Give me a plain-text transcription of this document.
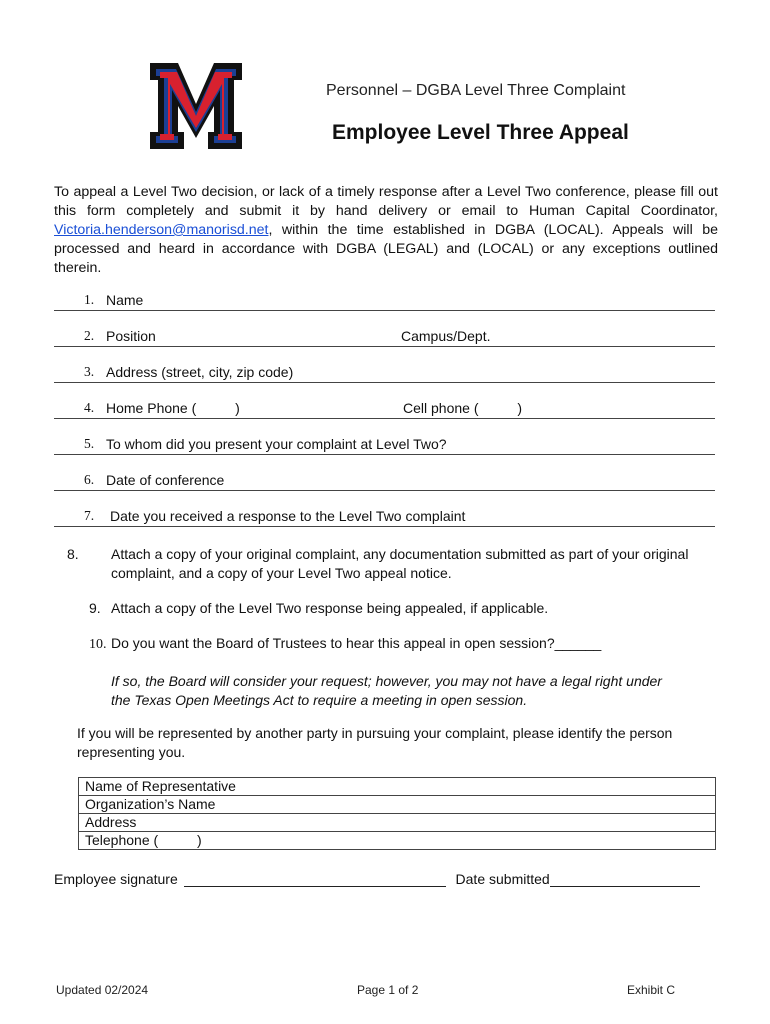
Personnel – DGBA Level Three Complaint
Employee Level Three Appeal
To appeal a Level Two decision, or lack of a timely response after a Level Two conference, please fill out this form completely and submit it by hand delivery or email to Human Capital Coordinator, Victoria.henderson@manorisd.net, within the time established in DGBA (LOCAL). Appeals will be processed and heard in accordance with DGBA (LEGAL) and (LOCAL) or any exceptions outlined therein.
1. Name
2. Position	Campus/Dept.
3. Address (street, city, zip code)
4. Home Phone (          )	Cell phone (          )
5. To whom did you present your complaint at Level Two?
6. Date of conference
7. Date you received a response to the Level Two complaint
8. Attach a copy of your original complaint, any documentation submitted as part of your original complaint, and a copy of your Level Two appeal notice.
9. Attach a copy of the Level Two response being appealed, if applicable.
10. Do you want the Board of Trustees to hear this appeal in open session?______
If so, the Board will consider your request; however, you may not have a legal right under the Texas Open Meetings Act to require a meeting in open session.
If you will be represented by another party in pursuing your complaint, please identify the person representing you.
Name of Representative
Organization’s Name
Address
Telephone (          )
Employee signature	Date submitted
Updated 02/2024	Page 1 of 2	Exhibit C
